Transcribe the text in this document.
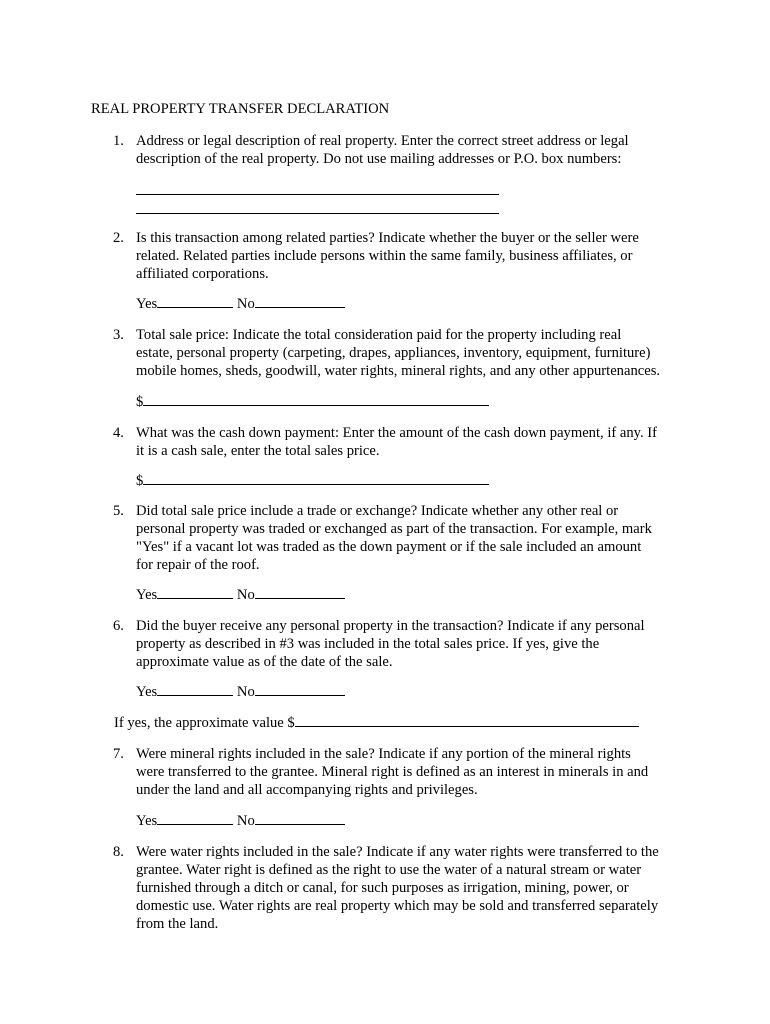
REAL PROPERTY TRANSFER DECLARATION
1. Address or legal description of real property. Enter the correct street address or legal
description of the real property. Do not use mailing addresses or P.O. box numbers:

2. Is this transaction among related parties? Indicate whether the buyer or the seller were
related. Related parties include persons within the same family, business affiliates, or
affiliated corporations.

Yes	No
3. Total sale price: Indicate the total consideration paid for the property including real
estate, personal property (carpeting, drapes, appliances, inventory, equipment, furniture)
mobile homes, sheds, goodwill, water rights, mineral rights, and any other appurtenances.

$
4. What was the cash down payment: Enter the amount of the cash down payment, if any. If
it is a cash sale, enter the total sales price.

$
5. Did total sale price include a trade or exchange? Indicate whether any other real or
personal property was traded or exchanged as part of the transaction. For example, mark
"Yes" if a vacant lot was traded as the down payment or if the sale included an amount
for repair of the roof.

Yes	No
6. Did the buyer receive any personal property in the transaction? Indicate if any personal
property as described in #3 was included in the total sales price. If yes, give the
approximate value as of the date of the sale.

Yes	No
If yes, the approximate value $
7. Were mineral rights included in the sale? Indicate if any portion of the mineral rights
were transferred to the grantee. Mineral right is defined as an interest in minerals in and
under the land and all accompanying rights and privileges.

Yes	No
8. Were water rights included in the sale? Indicate if any water rights were transferred to the
grantee. Water right is defined as the right to use the water of a natural stream or water
furnished through a ditch or canal, for such purposes as irrigation, mining, power, or
domestic use. Water rights are real property which may be sold and transferred separately
from the land.
